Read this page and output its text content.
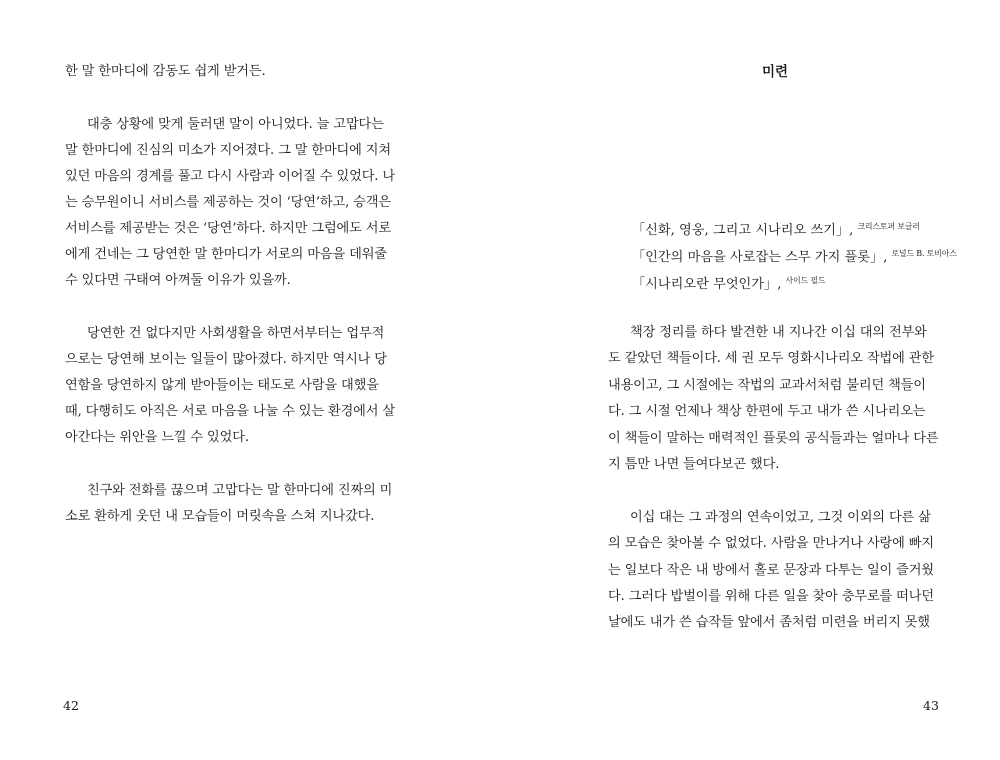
한 말 한마디에 감동도 쉽게 받거든.
대충 상황에 맞게 둘러댄 말이 아니었다. 늘 고맙다는
말 한마디에 진심의 미소가 지어졌다. 그 말 한마디에 지쳐
있던 마음의 경계를 풀고 다시 사람과 이어질 수 있었다. 나
는 승무원이니 서비스를 제공하는 것이 ‘당연’하고, 승객은
서비스를 제공받는 것은 ‘당연’하다. 하지만 그럼에도 서로
에게 건네는 그 당연한 말 한마디가 서로의 마음을 데워줄
수 있다면 구태여 아껴둘 이유가 있을까.
당연한 건 없다지만 사회생활을 하면서부터는 업무적
으로는 당연해 보이는 일들이 많아졌다. 하지만 역시나 당
연함을 당연하지 않게 받아들이는 태도로 사람을 대했을
때, 다행히도 아직은 서로 마음을 나눌 수 있는 환경에서 살
아간다는 위안을 느낄 수 있었다.
친구와 전화를 끊으며 고맙다는 말 한마디에 진짜의 미
소로 환하게 웃던 내 모습들이 머릿속을 스쳐 지나갔다.
42
미련
「신화, 영웅, 그리고 시나리오 쓰기」, $^{크리스토퍼 보글러}$
「인간의 마음을 사로잡는 스무 가지 플롯」, $^{로널드 B. 토비아스}$
「시나리오란 무엇인가」, $^{사이드 필드}$
책장 정리를 하다 발견한 내 지나간 이십 대의 전부와
도 같았던 책들이다. 세 권 모두 영화시나리오 작법에 관한
내용이고, 그 시절에는 작법의 교과서처럼 불리던 책들이
다. 그 시절 언제나 책상 한편에 두고 내가 쓴 시나리오는
이 책들이 말하는 매력적인 플롯의 공식들과는 얼마나 다른
지 틈만 나면 들여다보곤 했다.
이십 대는 그 과정의 연속이었고, 그것 이외의 다른 삶
의 모습은 찾아볼 수 없었다. 사람을 만나거나 사랑에 빠지
는 일보다 작은 내 방에서 홀로 문장과 다투는 일이 즐거웠
다. 그러다 밥벌이를 위해 다른 일을 찾아 충무로를 떠나던
날에도 내가 쓴 습작들 앞에서 좀처럼 미련을 버리지 못했
43
